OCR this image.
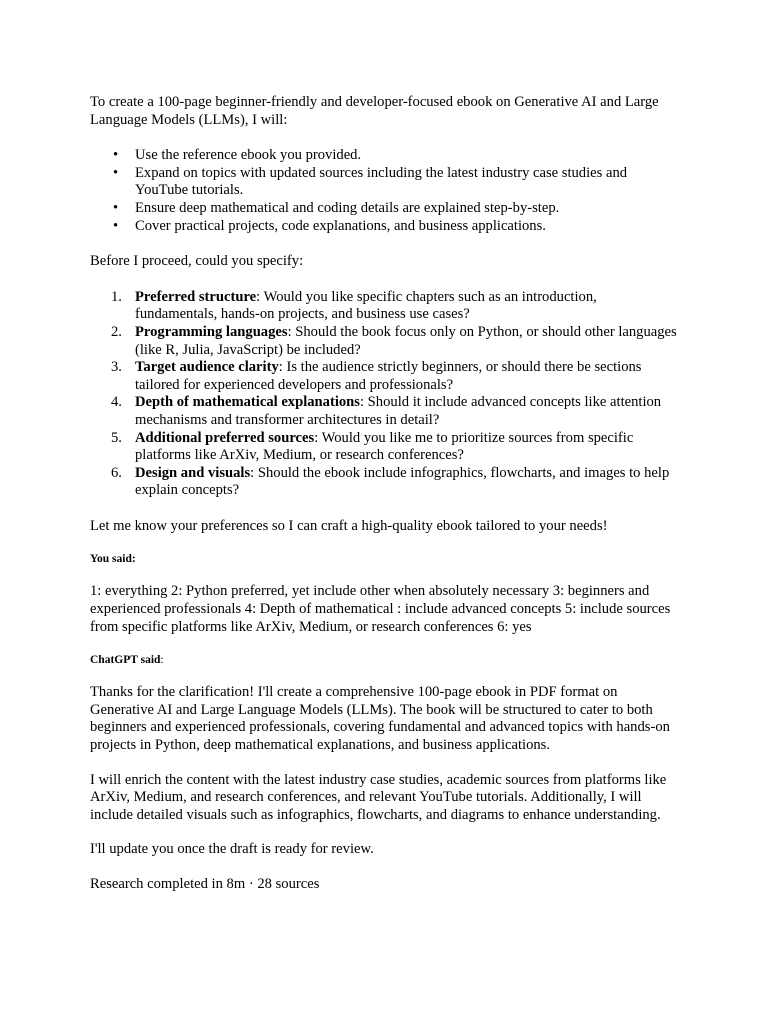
To create a 100-page beginner-friendly and developer-focused ebook on Generative AI and Large Language Models (LLMs), I will:

• Use the reference ebook you provided.
• Expand on topics with updated sources including the latest industry case studies and YouTube tutorials.
• Ensure deep mathematical and coding details are explained step-by-step.
• Cover practical projects, code explanations, and business applications.

Before I proceed, could you specify:

1. Preferred structure: Would you like specific chapters such as an introduction, fundamentals, hands-on projects, and business use cases?
2. Programming languages: Should the book focus only on Python, or should other languages (like R, Julia, JavaScript) be included?
3. Target audience clarity: Is the audience strictly beginners, or should there be sections tailored for experienced developers and professionals?
4. Depth of mathematical explanations: Should it include advanced concepts like attention mechanisms and transformer architectures in detail?
5. Additional preferred sources: Would you like me to prioritize sources from specific platforms like ArXiv, Medium, or research conferences?
6. Design and visuals: Should the ebook include infographics, flowcharts, and images to help explain concepts?

Let me know your preferences so I can craft a high-quality ebook tailored to your needs!

You said:

1: everything 2: Python preferred, yet include other when absolutely necessary 3: beginners and experienced professionals 4: Depth of mathematical : include advanced concepts 5: include sources from specific platforms like ArXiv, Medium, or research conferences 6: yes

ChatGPT said:

Thanks for the clarification! I'll create a comprehensive 100-page ebook in PDF format on Generative AI and Large Language Models (LLMs). The book will be structured to cater to both beginners and experienced professionals, covering fundamental and advanced topics with hands-on projects in Python, deep mathematical explanations, and business applications.

I will enrich the content with the latest industry case studies, academic sources from platforms like ArXiv, Medium, and research conferences, and relevant YouTube tutorials. Additionally, I will include detailed visuals such as infographics, flowcharts, and diagrams to enhance understanding.

I'll update you once the draft is ready for review.

Research completed in 8m · 28 sources
